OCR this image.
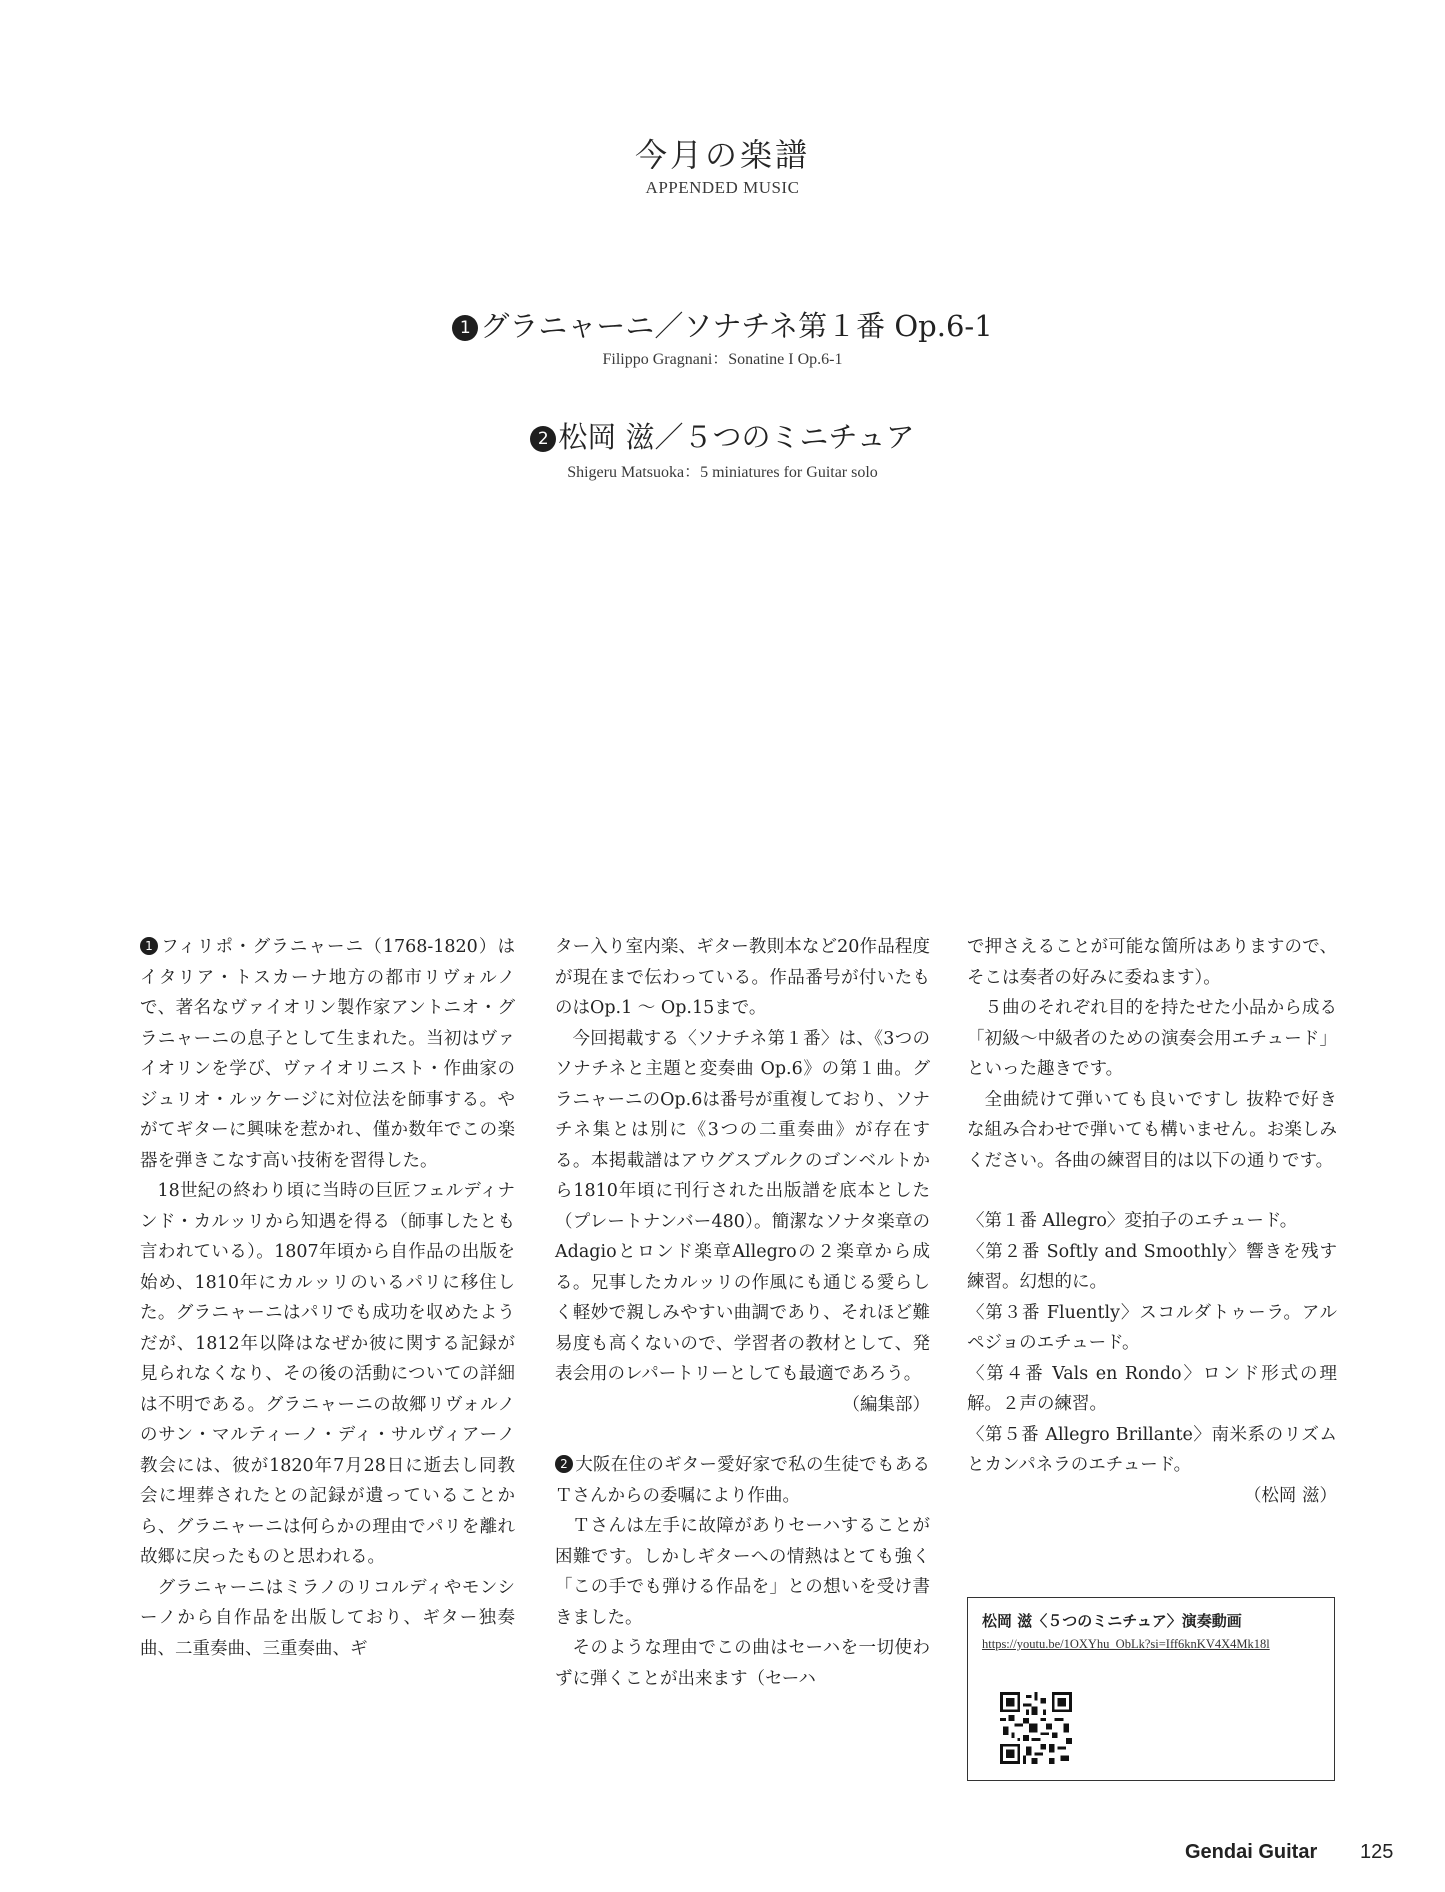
今月の楽譜
APPENDED MUSIC
1 グラニャーニ／ソナチネ第１番 Op.6-1
Filippo Gragnani：Sonatine I Op.6-1
2 松岡 滋／５つのミニチュア
Shigeru Matsuoka：5 miniatures for Guitar solo

1 フィリポ・グラニャーニ（1768-1820）はイタリア・トスカーナ地方の都市リヴォルノで、著名なヴァイオリン製作家アントニオ・グラニャーニの息子として生まれた。当初はヴァイオリンを学び、ヴァイオリニスト・作曲家のジュリオ・ルッケージに対位法を師事する。やがてギターに興味を惹かれ、僅か数年でこの楽器を弾きこなす高い技術を習得した。

18世紀の終わり頃に当時の巨匠フェルディナンド・カルッリから知遇を得る（師事したとも言われている）。1807年頃から自作品の出版を始め、1810年にカルッリのいるパリに移住した。グラニャーニはパリでも成功を収めたようだが、1812年以降はなぜか彼に関する記録が見られなくなり、その後の活動についての詳細は不明である。グラニャーニの故郷リヴォルノのサン・マルティーノ・ディ・サルヴィアーノ教会には、彼が1820年7月28日に逝去し同教会に埋葬されたとの記録が遺っていることから、グラニャーニは何らかの理由でパリを離れ故郷に戻ったものと思われる。

グラニャーニはミラノのリコルディやモンシーノから自作品を出版しており、ギター独奏曲、二重奏曲、三重奏曲、ギ

ター入り室内楽、ギター教則本など20作品程度が現在まで伝わっている。作品番号が付いたものはOp.1 ～ Op.15まで。

今回掲載する〈ソナチネ第１番〉は、《3つのソナチネと主題と変奏曲 Op.6》の第１曲。グラニャーニのOp.6は番号が重複しており、ソナチネ集とは別に《3つの二重奏曲》が存在する。本掲載譜はアウグスブルクのゴンベルトから1810年頃に刊行された出版譜を底本とした（プレートナンバー480）。簡潔なソナタ楽章のAdagioとロンド楽章Allegroの２楽章から成る。兄事したカルッリの作風にも通じる愛らしく軽妙で親しみやすい曲調であり、それほど難易度も高くないので、学習者の教材として、発表会用のレパートリーとしても最適であろう。

（編集部）

2 大阪在住のギター愛好家で私の生徒でもあるＴさんからの委嘱により作曲。

Ｔさんは左手に故障がありセーハすることが困難です。しかしギターへの情熱はとても強く「この手でも弾ける作品を」との想いを受け書きました。

そのような理由でこの曲はセーハを一切使わずに弾くことが出来ます（セーハ

で押さえることが可能な箇所はありますので、そこは奏者の好みに委ねます）。

５曲のそれぞれ目的を持たせた小品から成る「初級～中級者のための演奏会用エチュード」といった趣きです。

全曲続けて弾いても良いですし 抜粋で好きな組み合わせで弾いても構いません。お楽しみください。各曲の練習目的は以下の通りです。

〈第１番 Allegro〉変拍子のエチュード。

〈第２番 Softly and Smoothly〉響きを残す練習。幻想的に。

〈第３番 Fluently〉スコルダトゥーラ。アルペジョのエチュード。

〈第４番 Vals en Rondo〉ロンド形式の理解。２声の練習。

〈第５番 Allegro Brillante〉南米系のリズムとカンパネラのエチュード。

（松岡 滋）

松岡 滋〈５つのミニチュア〉演奏動画
https://youtu.be/1OXYhu_ObLk?si=Iff6knKV4X4Mk18l
Gendai Guitar 125
